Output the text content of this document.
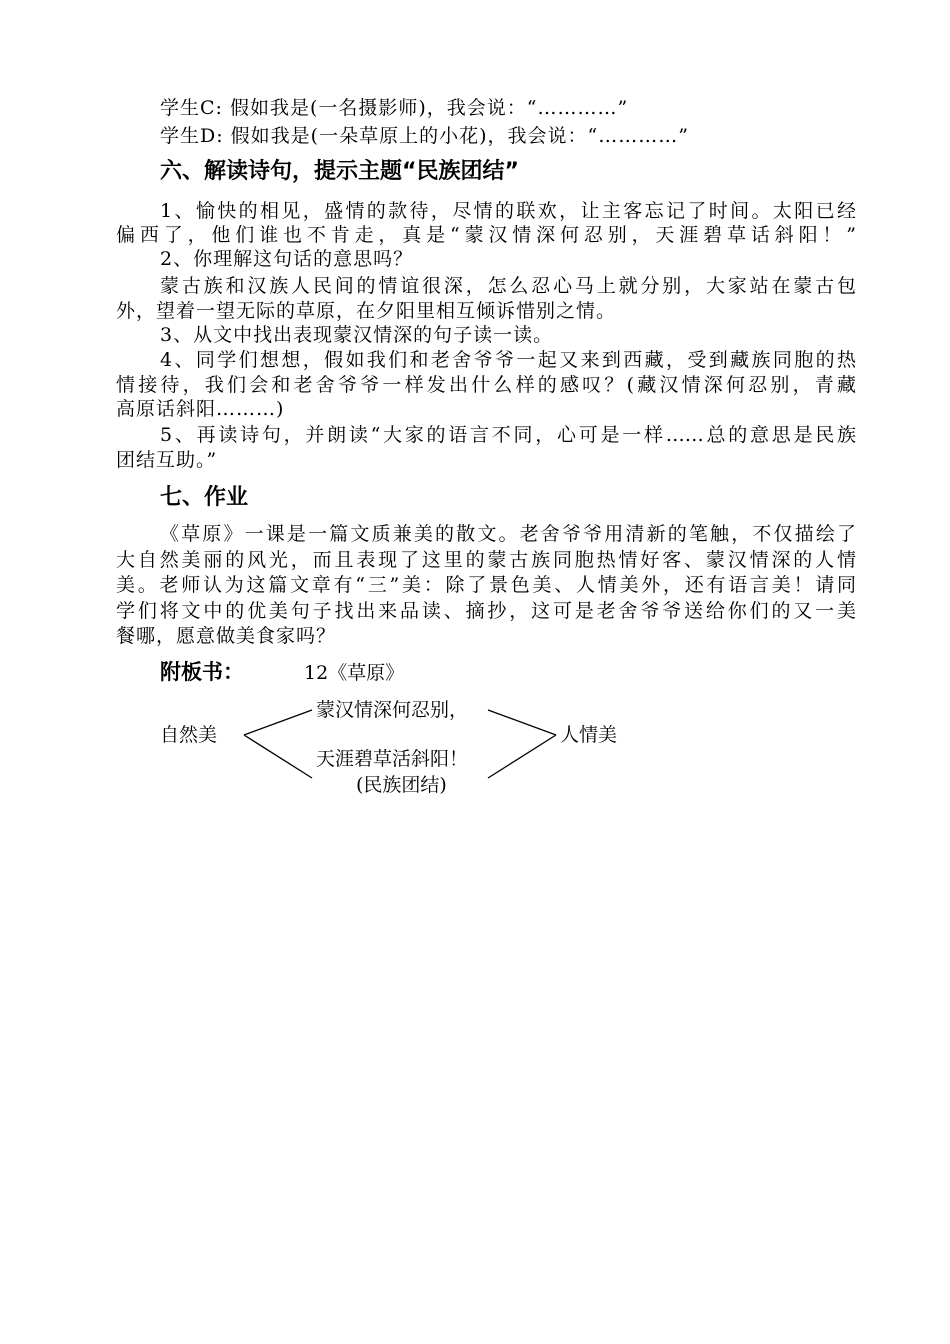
学生C: 假如我是(一名摄影师)，我会说：“…………”
学生D: 假如我是(一朵草原上的小花)，我会说：“…………”
六、解读诗句，提示主题“民族团结”
1、愉快的相见，盛情的款待，尽情的联欢，让主客忘记了时间。太阳已经
偏西了，他们谁也不肯走，真是“蒙汉情深何忍别，天涯碧草话斜阳！”
2、你理解这句话的意思吗？
蒙古族和汉族人民间的情谊很深，怎么忍心马上就分别，大家站在蒙古包
外，望着一望无际的草原，在夕阳里相互倾诉惜别之情。
3、从文中找出表现蒙汉情深的句子读一读。
4、同学们想想，假如我们和老舍爷爷一起又来到西藏，受到藏族同胞的热
情接待，我们会和老舍爷爷一样发出什么样的感叹？(藏汉情深何忍别，青藏
高原话斜阳………)
5、再读诗句，并朗读“大家的语言不同，心可是一样……总的意思是民族
团结互助。”
七、作业
《草原》一课是一篇文质兼美的散文。老舍爷爷用清新的笔触，不仅描绘了
大自然美丽的风光，而且表现了这里的蒙古族同胞热情好客、蒙汉情深的人情
美。老师认为这篇文章有“三”美：除了景色美、人情美外，还有语言美！请同
学们将文中的优美句子找出来品读、摘抄，这可是老舍爷爷送给你们的又一美
餐哪，愿意做美食家吗？
附板书：	12《草原》
自然美
蒙汉情深何忍别，
天涯碧草活斜阳！
(民族团结)
人情美
